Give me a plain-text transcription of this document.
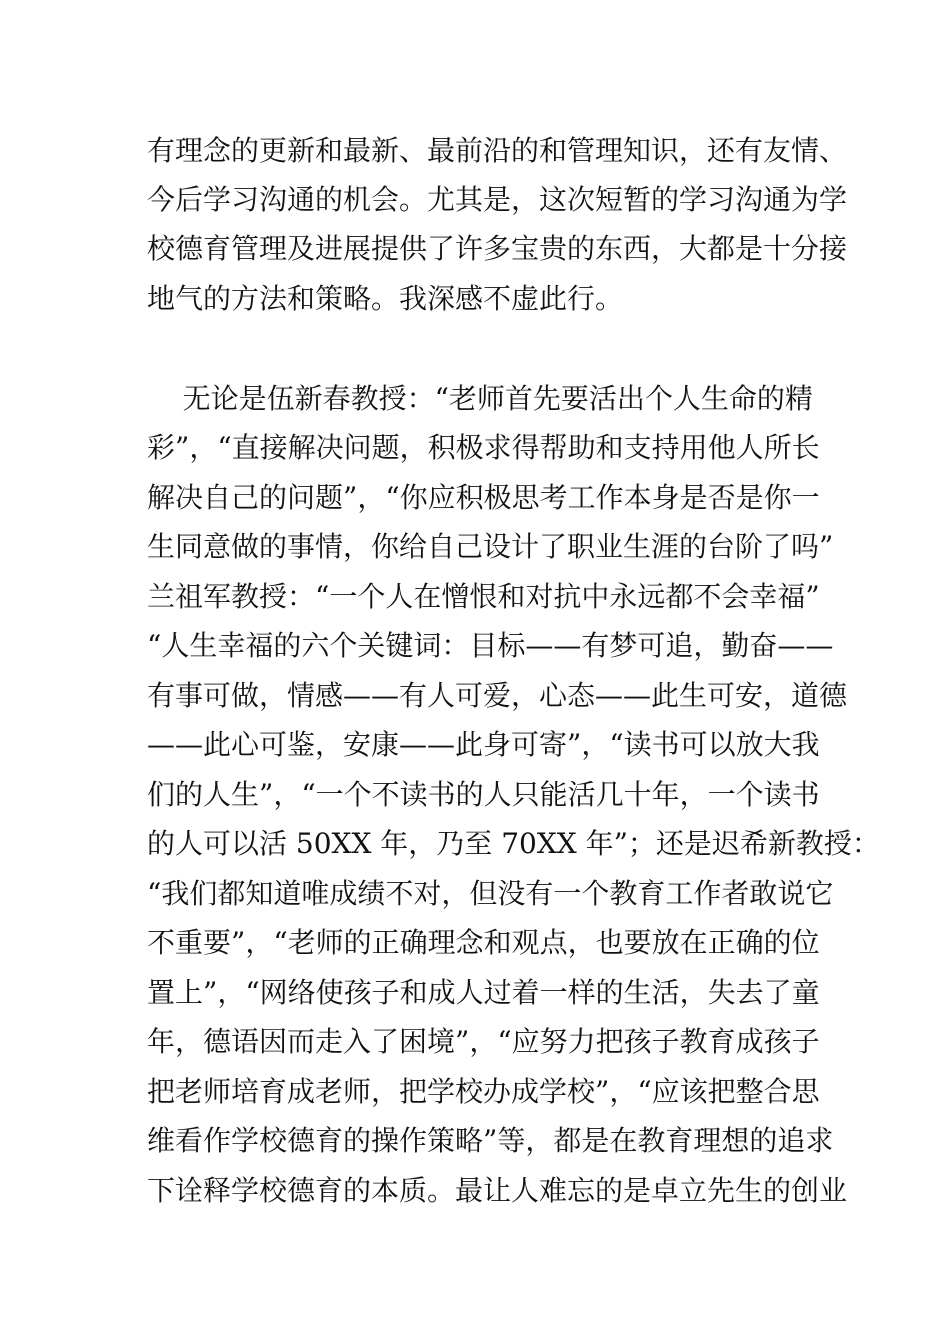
有理念的更新和最新、最前沿的和管理知识，还有友情、
今后学习沟通的机会。尤其是，这次短暂的学习沟通为学
校德育管理及进展提供了许多宝贵的东西，大都是十分接
地气的方法和策略。我深感不虚此行。
无论是伍新春教授：“老师首先要活出个人生命的精
彩”，“直接解决问题，积极求得帮助和支持用他人所长
解决自己的问题”，“你应积极思考工作本身是否是你一
生同意做的事情，你给自己设计了职业生涯的台阶了吗”
兰祖军教授：“一个人在憎恨和对抗中永远都不会幸福”
“人生幸福的六个关键词：目标——有梦可追，勤奋——
有事可做，情感——有人可爱，心态——此生可安，道德
——此心可鉴，安康——此身可寄”，“读书可以放大我
们的人生”，“一个不读书的人只能活几十年，一个读书
的人可以活 50XX 年，乃至 70XX 年”；还是迟希新教授：
“我们都知道唯成绩不对，但没有一个教育工作者敢说它
不重要”，“老师的正确理念和观点，也要放在正确的位
置上”，“网络使孩子和成人过着一样的生活，失去了童
年，德语因而走入了困境”，“应努力把孩子教育成孩子
把老师培育成老师，把学校办成学校”，“应该把整合思
维看作学校德育的操作策略”等，都是在教育理想的追求
下诠释学校德育的本质。最让人难忘的是卓立先生的创业
